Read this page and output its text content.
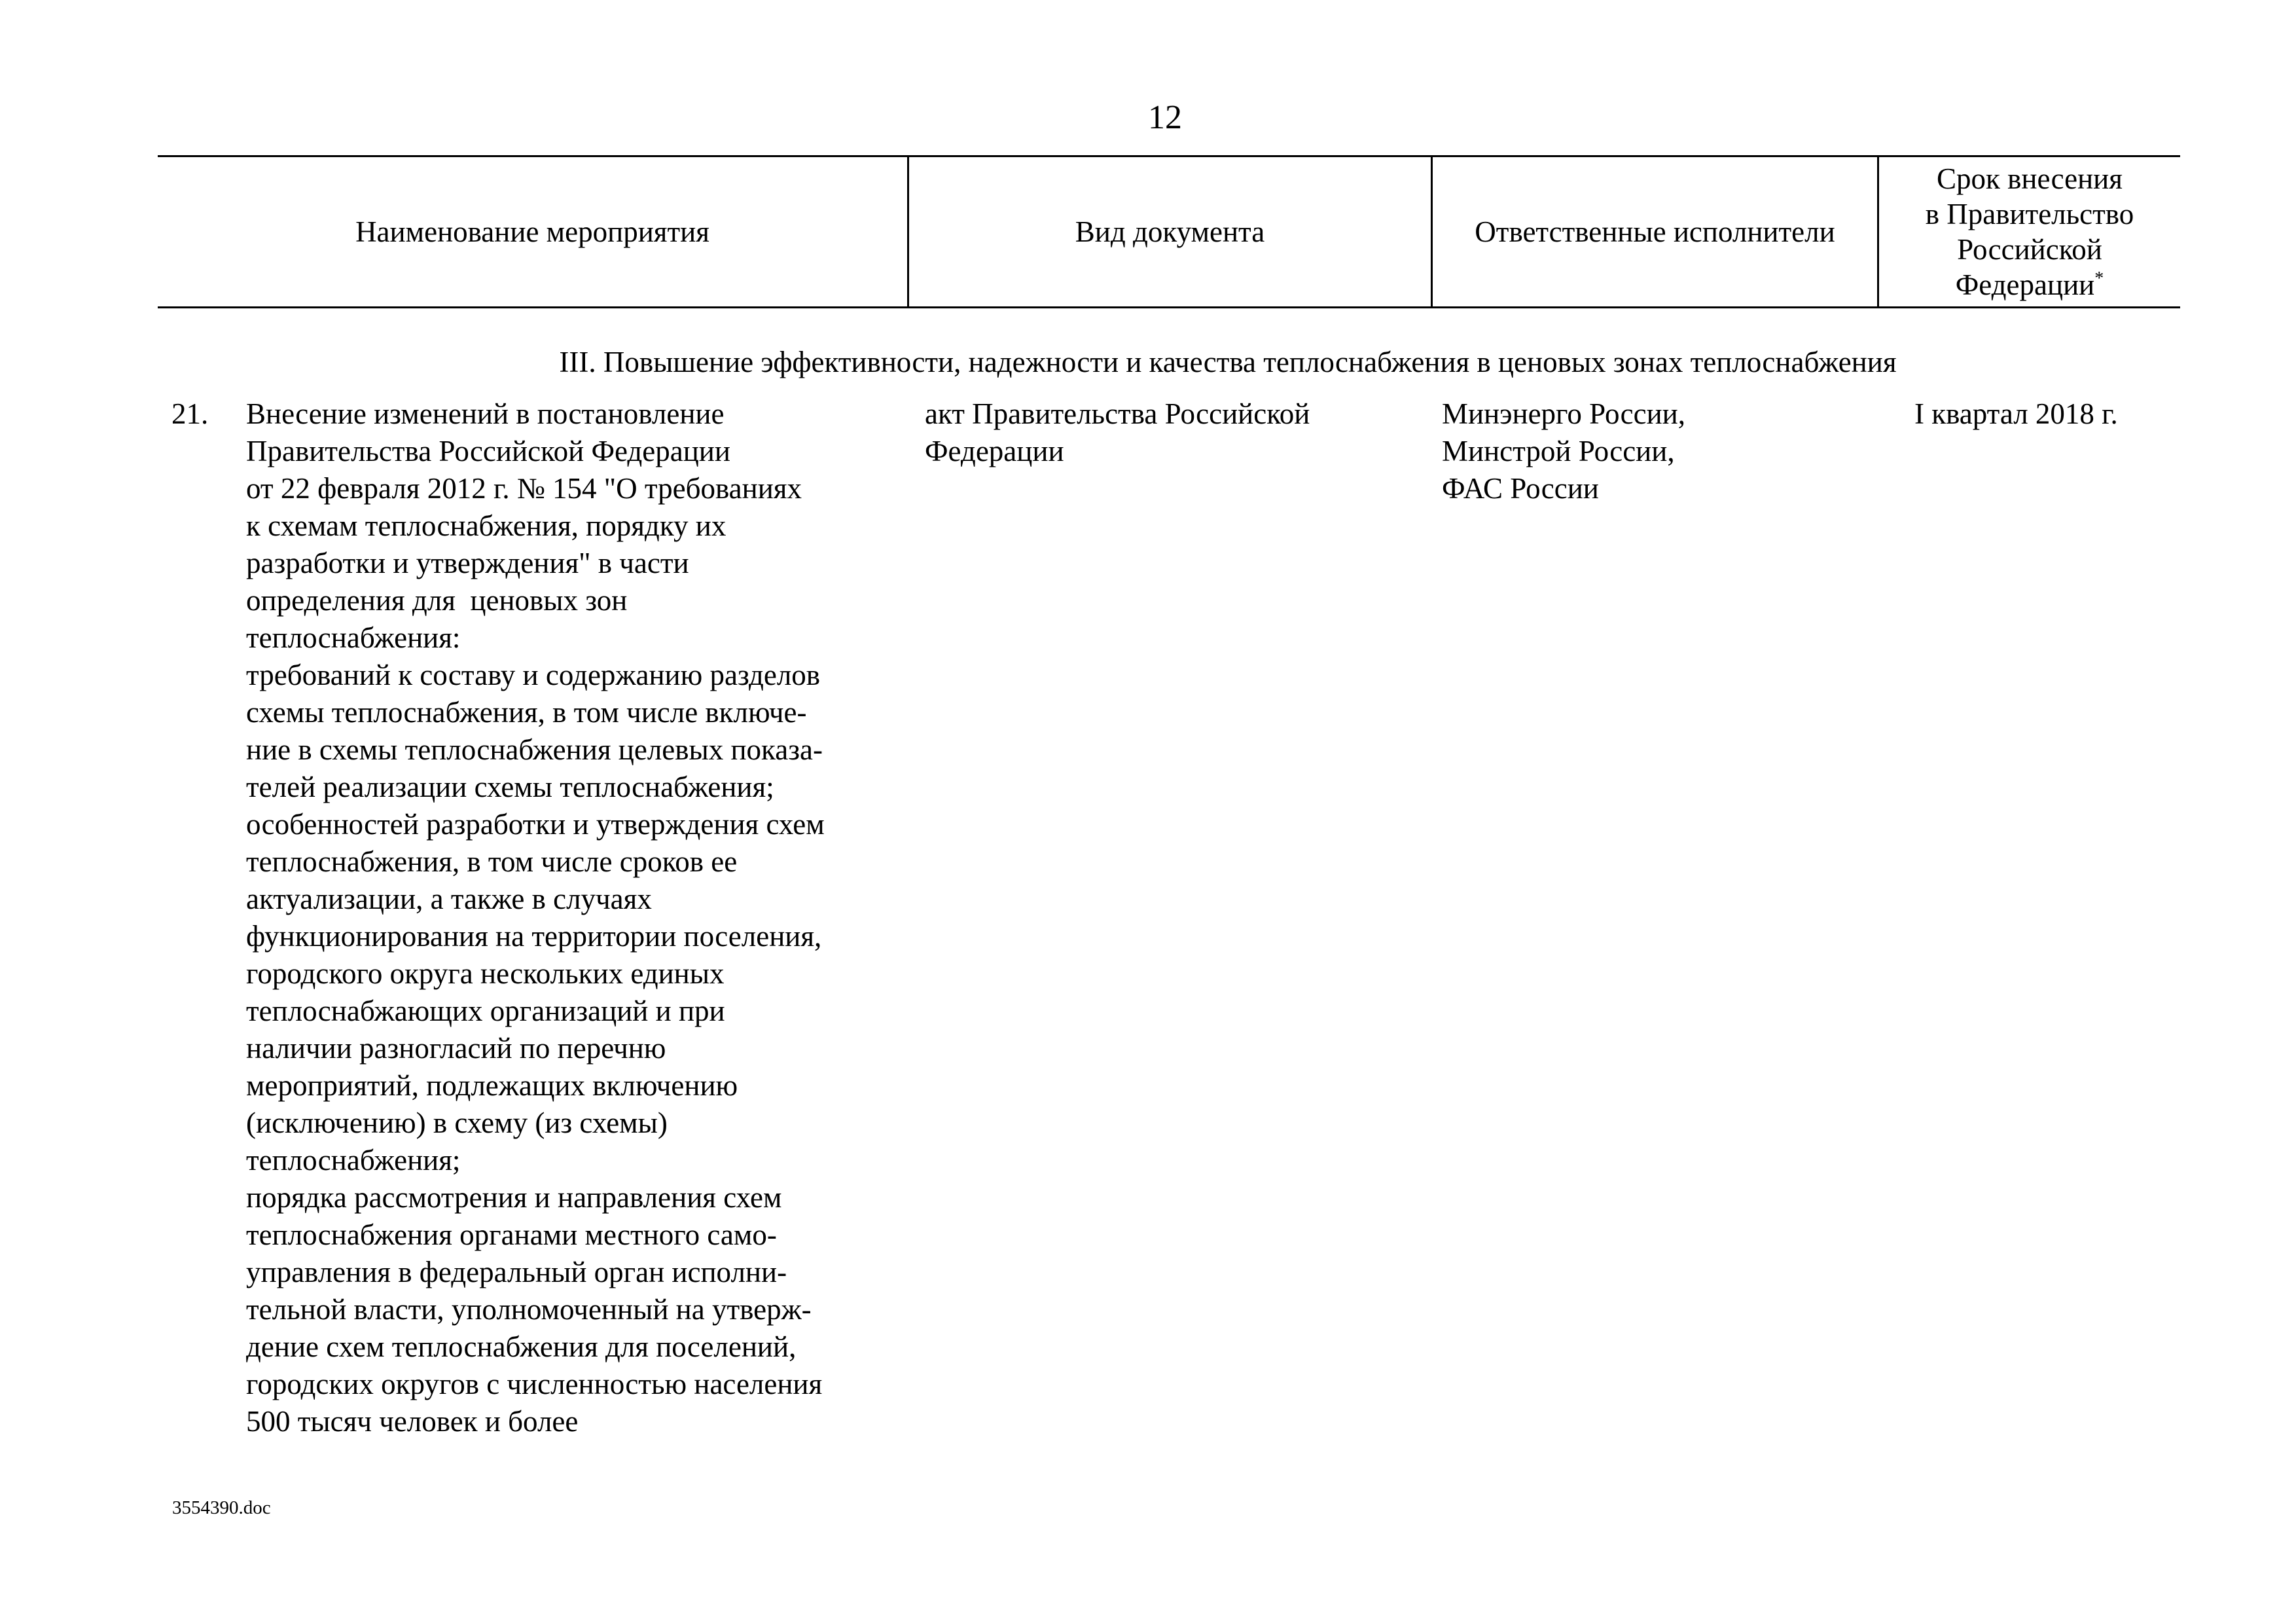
12
Наименование мероприятия	Вид документа	Ответственные исполнители
Срок внесения
в Правительство
Российской
Федерации*
III. Повышение эффективности, надежности и качества теплоснабжения в ценовых зонах теплоснабжения
21. Внесение изменений в постановление
Правительства Российской Федерации
от 22 февраля 2012 г. № 154 "О требованиях
к схемам теплоснабжения, порядку их
разработки и утверждения" в части
определения для  ценовых зон
теплоснабжения:
требований к составу и содержанию разделов
схемы теплоснабжения, в том числе включе-
ние в схемы теплоснабжения целевых показа-
телей реализации схемы теплоснабжения;
особенностей разработки и утверждения схем
теплоснабжения, в том числе сроков ее
актуализации, а также в случаях
функционирования на территории поселения,
городского округа нескольких единых
теплоснабжающих организаций и при
наличии разногласий по перечню
мероприятий, подлежащих включению
(исключению) в схему (из схемы)
теплоснабжения;
порядка рассмотрения и направления схем
теплоснабжения органами местного само-
управления в федеральный орган исполни-
тельной власти, уполномоченный на утверж-
дение схем теплоснабжения для поселений,
городских округов с численностью населения
500 тысяч человек и более
акт Правительства Российской
Федерации
Минэнерго России,
Минстрой России,
ФАС России
I квартал 2018 г.
3554390.doc
